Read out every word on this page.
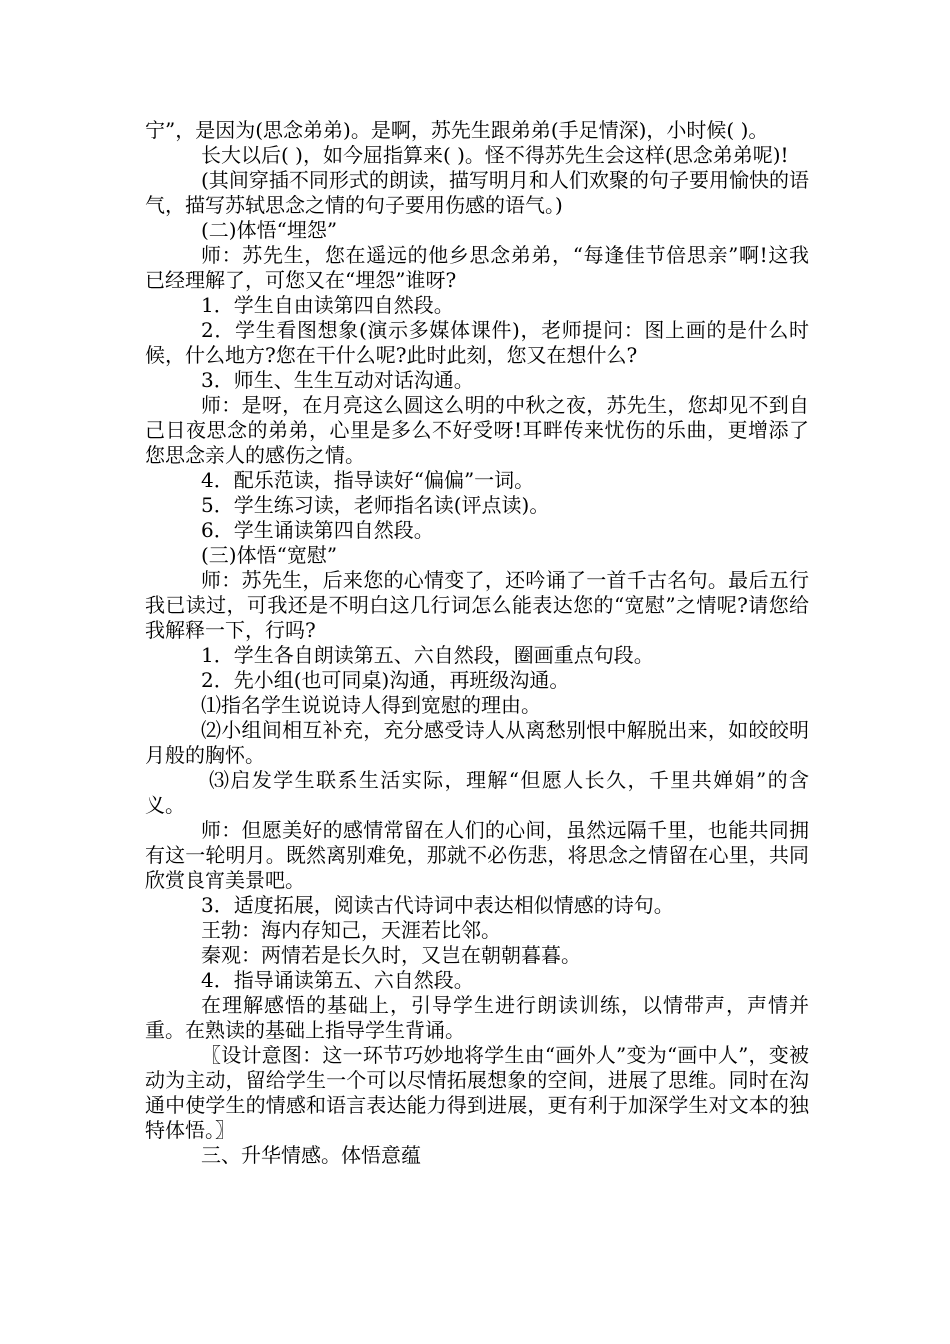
宁”，是因为(思念弟弟)。是啊，苏先生跟弟弟(手足情深)，小时候( )。

长大以后( )，如今屈指算来( )。怪不得苏先生会这样(思念弟弟呢)!

(其间穿插不同形式的朗读，描写明月和人们欢聚的句子要用愉快的语气，描写苏轼思念之情的句子要用伤感的语气。)

(二)体悟“埋怨”

师：苏先生，您在遥远的他乡思念弟弟，“每逢佳节倍思亲”啊!这我已经理解了，可您又在“埋怨”谁呀?

1．学生自由读第四自然段。

2．学生看图想象(演示多媒体课件)，老师提问：图上画的是什么时候，什么地方?您在干什么呢?此时此刻，您又在想什么?

3．师生、生生互动对话沟通。

师：是呀，在月亮这么圆这么明的中秋之夜，苏先生，您却见不到自己日夜思念的弟弟，心里是多么不好受呀!耳畔传来忧伤的乐曲，更增添了您思念亲人的感伤之情。

4．配乐范读，指导读好“偏偏”一词。

5．学生练习读，老师指名读(评点读)。

6．学生诵读第四自然段。

(三)体悟“宽慰”

师：苏先生，后来您的心情变了，还吟诵了一首千古名句。最后五行我已读过，可我还是不明白这几行词怎么能表达您的“宽慰”之情呢?请您给我解释一下，行吗?

1．学生各自朗读第五、六自然段，圈画重点句段。

2．先小组(也可同桌)沟通，再班级沟通。

⑴指名学生说说诗人得到宽慰的理由。

⑵小组间相互补充，充分感受诗人从离愁别恨中解脱出来，如皎皎明月般的胸怀。

⑶启发学生联系生活实际，理解“但愿人长久，千里共婵娟”的含义。

师：但愿美好的感情常留在人们的心间，虽然远隔千里，也能共同拥有这一轮明月。既然离别难免，那就不必伤悲，将思念之情留在心里，共同欣赏良宵美景吧。

3．适度拓展，阅读古代诗词中表达相似情感的诗句。

王勃：海内存知己，天涯若比邻。

秦观：两情若是长久时，又岂在朝朝暮暮。

4．指导诵读第五、六自然段。

在理解感悟的基础上，引导学生进行朗读训练，以情带声，声情并重。在熟读的基础上指导学生背诵。

〖设计意图：这一环节巧妙地将学生由“画外人”变为“画中人”，变被动为主动，留给学生一个可以尽情拓展想象的空间，进展了思维。同时在沟通中使学生的情感和语言表达能力得到进展，更有利于加深学生对文本的独特体悟。〗

三、升华情感。体悟意蕴
